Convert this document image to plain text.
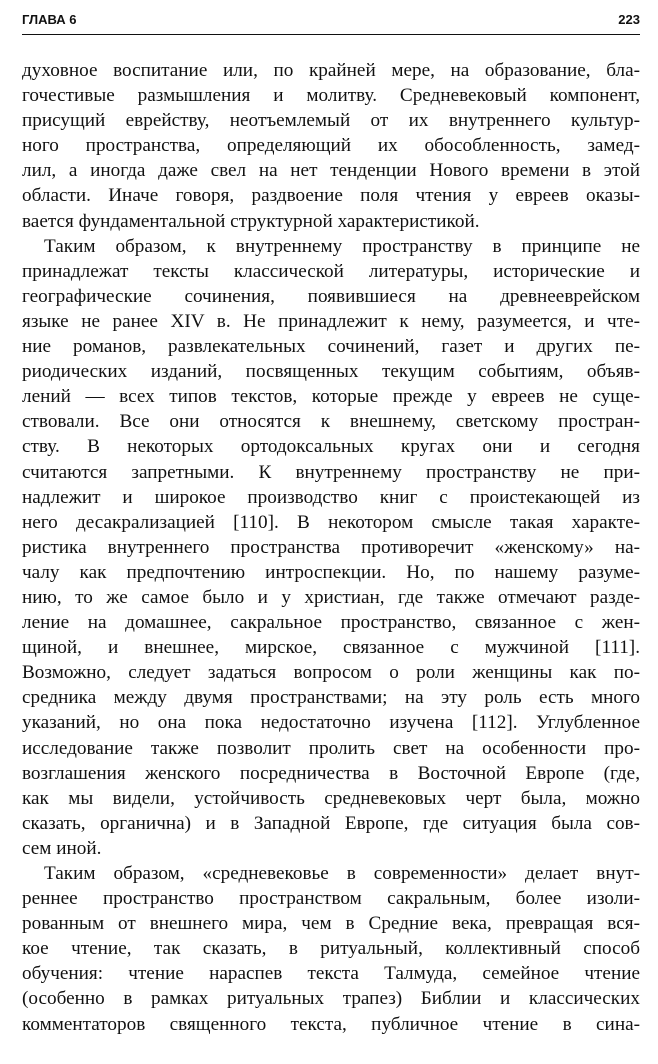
ГЛАВА 6	223
духовное воспитание или, по крайней мере, на образование, бла-
гочестивые размышления и молитву. Средневековый компонент,
присущий еврейству, неотъемлемый от их внутреннего культур-
ного пространства, определяющий их обособленность, замед-
лил, а иногда даже свел на нет тенденции Нового времени в этой
области. Иначе говоря, раздвоение поля чтения у евреев оказы-
вается фундаментальной структурной характеристикой.
Таким образом, к внутреннему пространству в принципе не
принадлежат тексты классической литературы, исторические и
географические сочинения, появившиеся на древнееврейском
языке не ранее XIV в. Не принадлежит к нему, разумеется, и чте-
ние романов, развлекательных сочинений, газет и других пе-
риодических изданий, посвященных текущим событиям, объяв-
лений — всех типов текстов, которые прежде у евреев не суще-
ствовали. Все они относятся к внешнему, светскому простран-
ству. В некоторых ортодоксальных кругах они и сегодня
считаются запретными. К внутреннему пространству не при-
надлежит и широкое производство книг с проистекающей из
него десакрализацией [110]. В некотором смысле такая характе-
ристика внутреннего пространства противоречит «женскому» на-
чалу как предпочтению интроспекции. Но, по нашему разуме-
нию, то же самое было и у христиан, где также отмечают разде-
ление на домашнее, сакральное пространство, связанное с жен-
щиной, и внешнее, мирское, связанное с мужчиной [111].
Возможно, следует задаться вопросом о роли женщины как по-
средника между двумя пространствами; на эту роль есть много
указаний, но она пока недостаточно изучена [112]. Углубленное
исследование также позволит пролить свет на особенности про-
возглашения женского посредничества в Восточной Европе (где,
как мы видели, устойчивость средневековых черт была, можно
сказать, органична) и в Западной Европе, где ситуация была сов-
сем иной.
Таким образом, «средневековье в современности» делает внут-
реннее пространство пространством сакральным, более изоли-
рованным от внешнего мира, чем в Средние века, превращая вся-
кое чтение, так сказать, в ритуальный, коллективный способ
обучения: чтение нараспев текста Талмуда, семейное чтение
(особенно в рамках ритуальных трапез) Библии и классических
комментаторов священного текста, публичное чтение в сина-
